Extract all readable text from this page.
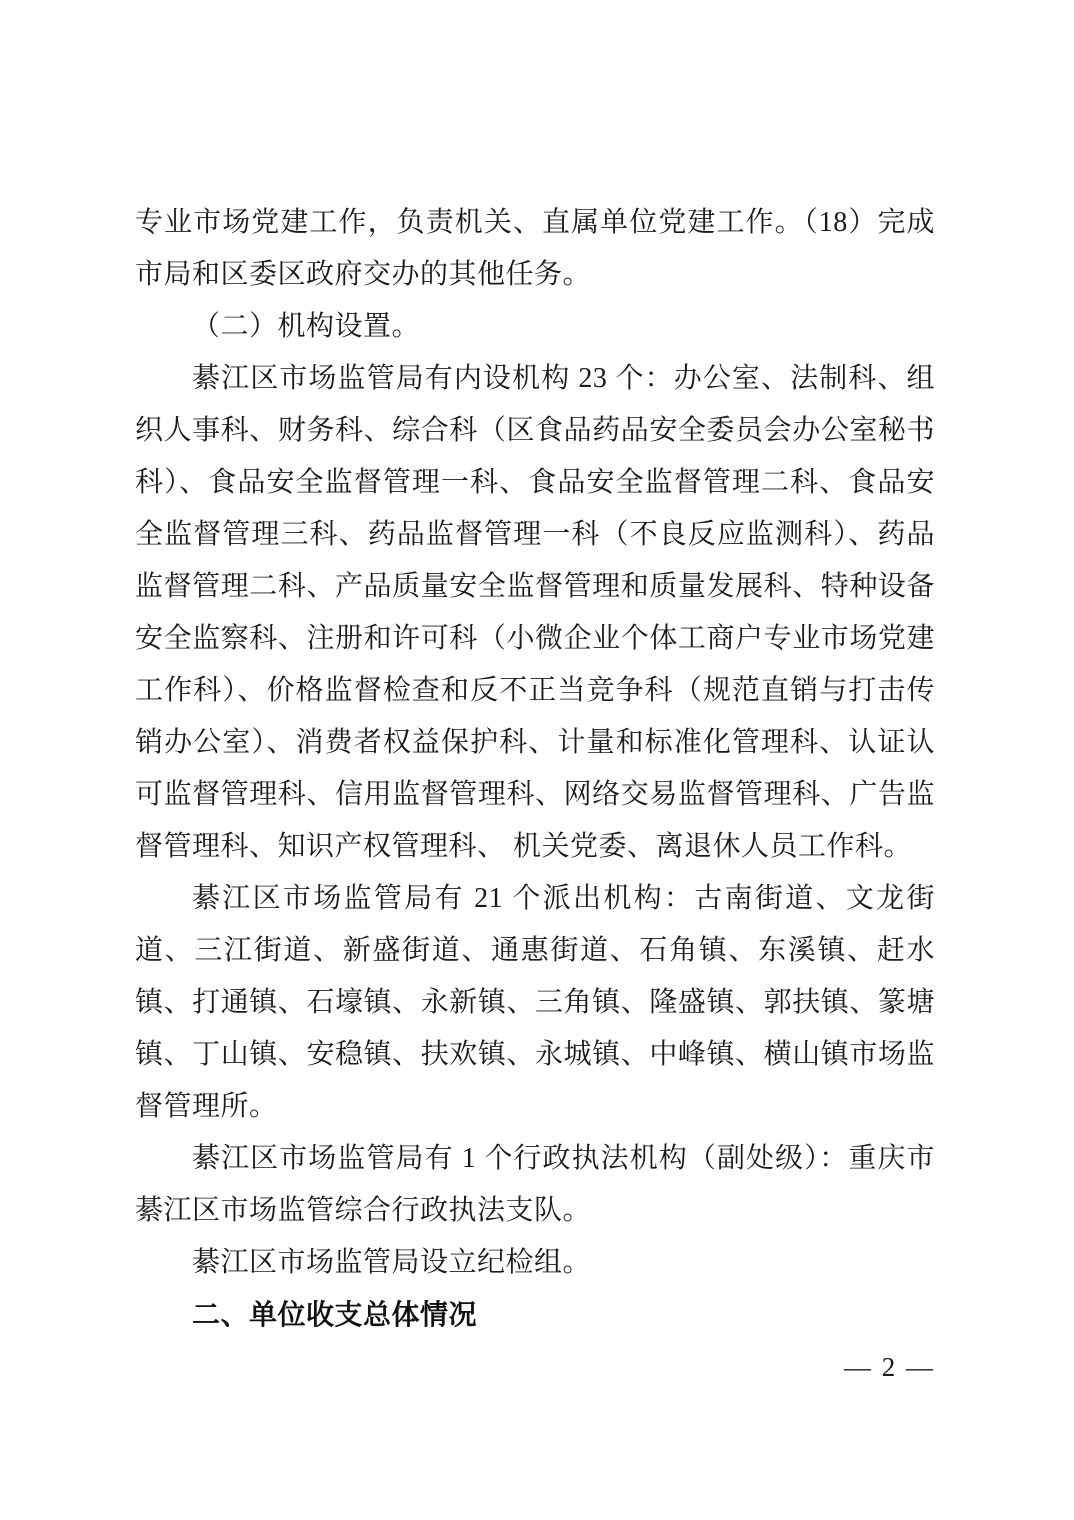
专业市场党建工作，负责机关、直属单位党建工作。（18）完成市局和区委区政府交办的其他任务。

（二）机构设置。

綦江区市场监管局有内设机构 23 个：办公室、法制科、组织人事科、财务科、综合科（区食品药品安全委员会办公室秘书科）、食品安全监督管理一科、食品安全监督管理二科、食品安全监督管理三科、药品监督管理一科（不良反应监测科）、药品监督管理二科、产品质量安全监督管理和质量发展科、特种设备安全监察科、注册和许可科（小微企业个体工商户专业市场党建工作科）、价格监督检查和反不正当竞争科（规范直销与打击传销办公室）、消费者权益保护科、计量和标准化管理科、认证认可监督管理科、信用监督管理科、网络交易监督管理科、广告监督管理科、知识产权管理科、 机关党委、离退休人员工作科。

綦江区市场监管局有 21 个派出机构：古南街道、文龙街道、三江街道、新盛街道、通惠街道、石角镇、东溪镇、赶水镇、打通镇、石壕镇、永新镇、三角镇、隆盛镇、郭扶镇、篆塘镇、丁山镇、安稳镇、扶欢镇、永城镇、中峰镇、横山镇市场监督管理所。

綦江区市场监管局有 1 个行政执法机构（副处级）：重庆市綦江区市场监管综合行政执法支队。

綦江区市场监管局设立纪检组。

二、单位收支总体情况

— 2 —
